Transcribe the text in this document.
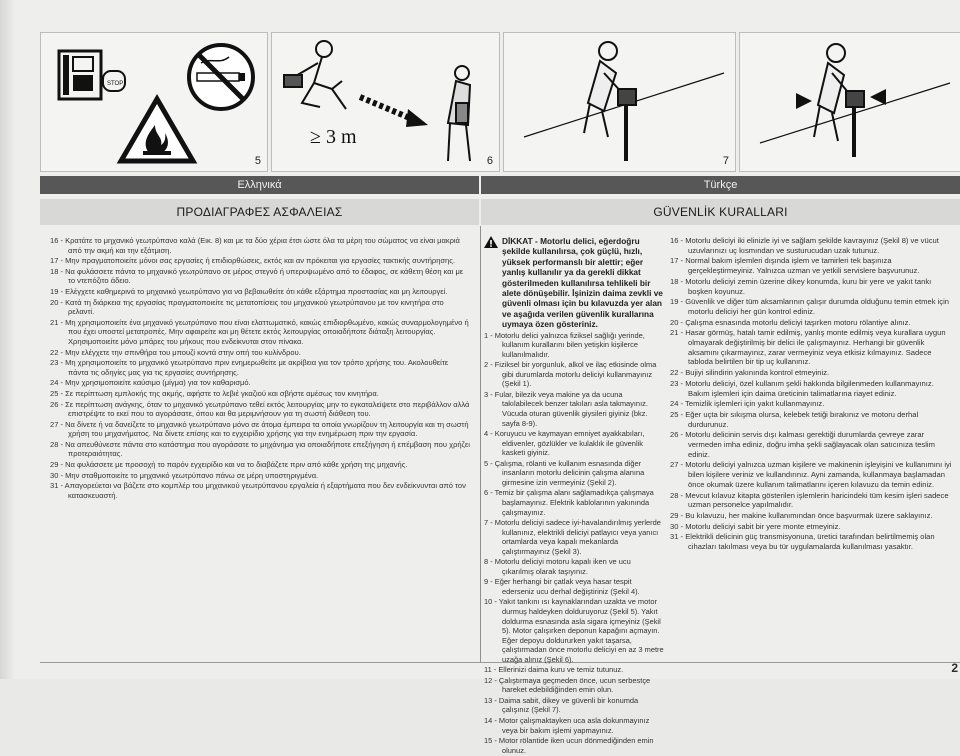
STOP
5
≥ 3 m
6	7
Ελληνικά	Türkçe
ΠΡΟΔΙΑΓΡΑΦΕΣ ΑΣΦΑΛΕΙΑΣ	GÜVENLİK KURALLARI

16 - Κρατάτε το μηχανικό γεωτρύπανο καλά (Εικ. 8) και με τα δύο χέρια έτσι ώστε όλα τα μέρη του σώματος να είναι μακριά από την ακμή και την εξάτμιση.

17 - Μην πραγματοποιείτε μόνοι σας εργασίες ή επιδιορθώσεις, εκτός και αν πρόκειται για εργασίες τακτικής συντήρησης.

18 - Να φυλάσσετε πάντα το μηχανικό γεωτρύπανο σε μέρος στεγνό ή υπερυψωμένο από το έδαφος, σε κάθετη θέση και με το ντεπόζιτο άδειο.

19 - Ελέγχετε καθημερινά το μηχανικό γεωτρύπανο για να βεβαιωθείτε ότι κάθε εξάρτημα προστασίας και μη λειτουργεί.

20 - Κατά τη διάρκεια της εργασίας πραγματοποιείτε τις μετατοπίσεις του μηχανικού γεωτρύπανου με τον κινητήρα στο ρελαντί.

21 - Μη χρησιμοποιείτε ένα μηχανικό γεωτρύπανο που είναι ελαττωματικό, κακώς επιδιορθωμένο, κακώς συναρμολογημένο ή που έχει υποστεί μετατροπές. Μην αφαιρείτε και μη θέτετε εκτός λειτουργίας οποιαδήποτε διάταξη λειτουργίας. Χρησιμοποιείτε μόνο μπάρες του μήκους που ενδείκνυται στον πίνακα.

22 - Μην ελέγχετε την σπινθήρα του μπουζί κοντά στην οπή του κυλίνδρου.

23 - Μη χρησιμοποιείτε το μηχανικό γεωτρύπανο πριν ενημερωθείτε με ακρίβεια για τον τρόπο χρήσης του. Ακολουθείτε πάντα τις οδηγίες μας για τις εργασίες συντήρησης.

24 - Μην χρησιμοποιείτε καύσιμο (μίγμα) για τον καθαρισμό.

25 - Σε περίπτωση εμπλοκής της ακμής, αφήστε το λεβιέ γκαζιού και σβήστε αμέσως τον κινητήρα.

26 - Σε περίπτωση ανάγκης, όταν το μηχανικό γεωτρύπανο τεθεί εκτός λειτουργίας μην το εγκαταλείψετε στο περιβάλλον αλλά επιστρέψτε το εκεί που το αγοράσατε, όπου και θα μεριμνήσουν για τη σωστή διάθεση του.

27 - Να δίνετε ή να δανείζετε το μηχανικό γεωτρύπανο μόνο σε άτομα έμπειρα τα οποία γνωρίζουν τη λειτουργία και τη σωστή χρήση του μηχανήματος. Να δίνετε επίσης και το εγχειρίδιο χρήσης για την ενημέρωση πριν την εργασία.

28 - Να απευθύνεστε πάντα στο κατάστημα που αγοράσατε το μηχάνημα για οποιαδήποτε επεξήγηση ή επέμβαση που χρήζει προτεραιότητας.

29 - Να φυλάσσετε με προσοχή το παρόν εγχειρίδιο και να το διαβάζετε πριν από κάθε χρήση της μηχανής.

30 - Μην σταθμοποιείτε το μηχανικό γεωτρύπανο πάνω σε μέρη υποστηριγμένα.

31 - Απαγορεύεται να βάζετε στο κομπλέρ του μηχανικού γεωτρύπανου εργαλεία ή εξαρτήματα που δεν ενδείκνυνται από τον κατασκευαστή.

DİKKAT - Motorlu delici, eğerdoğru şekilde kullanılırsa, çok güçlü, hızlı, yüksek performanslı bir alettir; eğer yanlış kullanılır ya da gerekli dikkat gösterilmeden kullanılırsa tehlikeli bir alete dönüşebilir. İşinizin daima zevkli ve güvenli olması için bu kılavuzda yer alan ve aşağıda verilen güvenlik kurallarına uymaya özen gösteriniz.

1 - Motorlu delici yalnızca fiziksel sağlığı yerinde, kullanım kurallarını bilen yetişkin kişilerce kullanılmalıdır.

2 - Fiziksel bir yorgunluk, alkol ve ilaç etkisinde olma gibi durumlarda motorlu deliciyi kullanmayınız (Şekil 1).

3 - Fular, bilezik veya makine ya da ucuna takılabilecek benzer takıları asla takmayınız. Vücuda oturan güvenlik giysileri giyiniz (bkz. sayfa 8-9).

4 - Koruyucu ve kaymayan emniyet ayakkabıları, eldivenler, gözlükler ve kulaklık ile güvenlik kasketi giyiniz.

5 - Çalışma, rölanti ve kullanım esnasında diğer insanların motorlu delicinin çalışma alanına girmesine izin vermeyiniz (Şekil 2).

6 - Temiz bir çalışma alanı sağlamadıkça çalışmaya başlamayınız. Elektrik kablolarının yakınında çalışmayınız.

7 - Motorlu deliciyi sadece iyi-havalandırılmış yerlerde kullanınız, elektrikli deliciyi patlayıcı veya yanıcı ortamlarda veya kapalı mekanlarda çalıştırmayınız (Şekil 3).

8 - Motorlu deliciyi motoru kapalı iken ve ucu çıkarılmış olarak taşıyınız.

9 - Eğer herhangi bir çatlak veya hasar tespit ederseniz ucu derhal değiştiriniz (Şekil 4).

10 - Yakıt tankını ısı kaynaklarından uzakta ve motor durmuş haldeyken dolduruyoruz (Şekil 5). Yakıt doldurma esnasında asla sigara içmeyiniz (Şekil 5). Motor çalışırken deponun kapağını açmayın. Eğer depoyu doldururken yakıt taşarsa, çalıştırmadan önce motorlu deliciyi en az 3 metre uzağa alınız (Şekil 6).

11 - Ellerinizi daima kuru ve temiz tutunuz.

12 - Çalıştırmaya geçmeden önce, ucun serbestçe hareket edebildiğinden emin olun.

13 - Daima sabit, dikey ve güvenli bir konumda çalışınız (Şekil 7).

14 - Motor çalışmaktayken uca asla dokunmayınız veya bir bakım işlemi yapmayınız.

15 - Motor rölantide iken ucun dönmediğinden emin olunuz.

16 - Motorlu deliciyi iki elinizle iyi ve sağlam şekilde kavrayınız (Şekil 8) ve vücut uzuvlarınızı uç kısmından ve susturucudan uzak tutunuz.

17 - Normal bakım işlemleri dışında işlem ve tamirleri tek başınıza gerçekleştirmeyiniz. Yalnızca uzman ve yetkili servislere başvurunuz.

18 - Motorlu deliciyi zemin üzerine dikey konumda, kuru bir yere ve yakıt tankı boşken koyunuz.

19 - Güvenlik ve diğer tüm aksamlarının çalışır durumda olduğunu temin etmek için motorlu deliciyi her gün kontrol ediniz.

20 - Çalışma esnasında motorlu deliciyi taşırken motoru rölantiye alınız.

21 - Hasar görmüş, hatalı tamir edilmiş, yanlış monte edilmiş veya kurallara uygun olmayarak değiştirilmiş bir delici ile çalışmayınız. Herhangi bir güvenlik aksamını çıkarmayınız, zarar vermeyiniz veya etkisiz kılmayınız. Sadece tabloda belirtilen bir tip uç kullanınız.

22 - Bujiyi silindirin yakınında kontrol etmeyiniz.

23 - Motorlu deliciyi, özel kullanım şekli hakkında bilgilenmeden kullanmayınız. Bakım işlemleri için daima üreticinin talimatlarına riayet ediniz.

24 - Temizlik işlemleri için yakıt kullanmayınız.

25 - Eğer uçta bir sıkışma olursa, kelebek tetiği bırakınız ve motoru derhal durdurunuz.

26 - Motorlu delicinin servis dışı kalması gerektiği durumlarda çevreye zarar vermeden imha ediniz, doğru imha şekli sağlayacak olan satıcınıza teslim ediniz.

27 - Motorlu deliciyi yalnızca uzman kişilere ve makinenin işleyişini ve kullanımını iyi bilen kişilere veriniz ve kullandırınız. Ayni zamanda, kullanmaya başlamadan önce okumak üzere kullanım talimatlarını içeren kılavuzu da temin ediniz.

28 - Mevcut kılavuz kitapta gösterilen işlemlerin haricindeki tüm kesim işleri sadece uzman personelce yapılmalıdır.

29 - Bu kılavuzu, her makine kullanımından önce başvurmak üzere saklayınız.

30 - Motorlu deliciyi sabit bir yere monte etmeyiniz.

31 - Elektrikli delicinin güç transmisyonuna, üretici tarafından belirtilmemiş olan cihazları takılması veya bu tür uygulamalarda kullanılması yasaktır.

2
